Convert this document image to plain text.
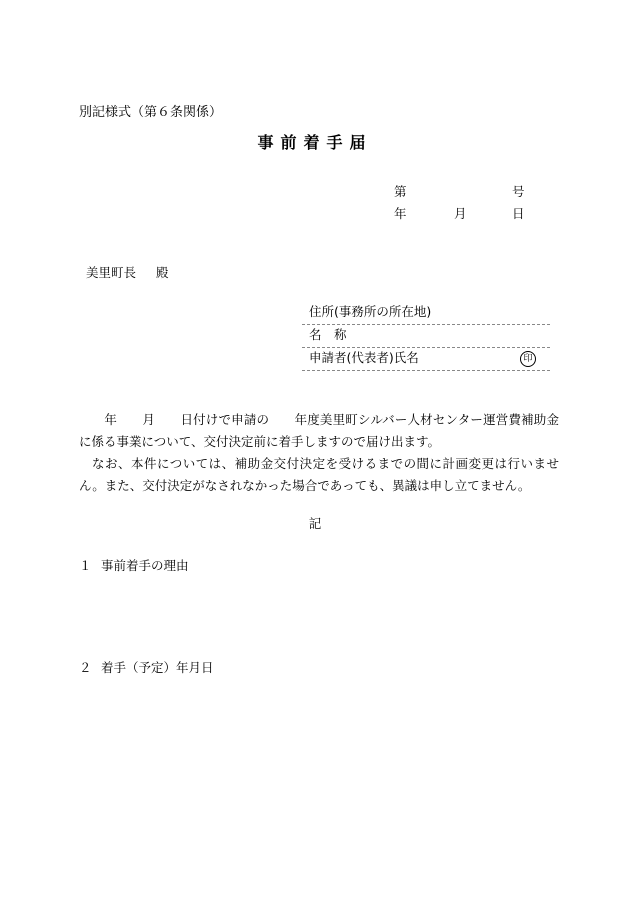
別記様式（第６条関係）
事前着手届
第	号
年	月	日
美里町長 殿
住所(事務所の所在地)
名　称
申請者(代表者)氏名	印

　　年　　月　　日付けで申請の　　年度美里町シルバー人材センター運営費補助金に係る事業について、交付決定前に着手しますので届け出ます。

　なお、本件については、補助金交付決定を受けるまでの間に計画変更は行いません。また、交付決定がなされなかった場合であっても、異議は申し立てません。

記
１ 事前着手の理由
２ 着手（予定）年月日
